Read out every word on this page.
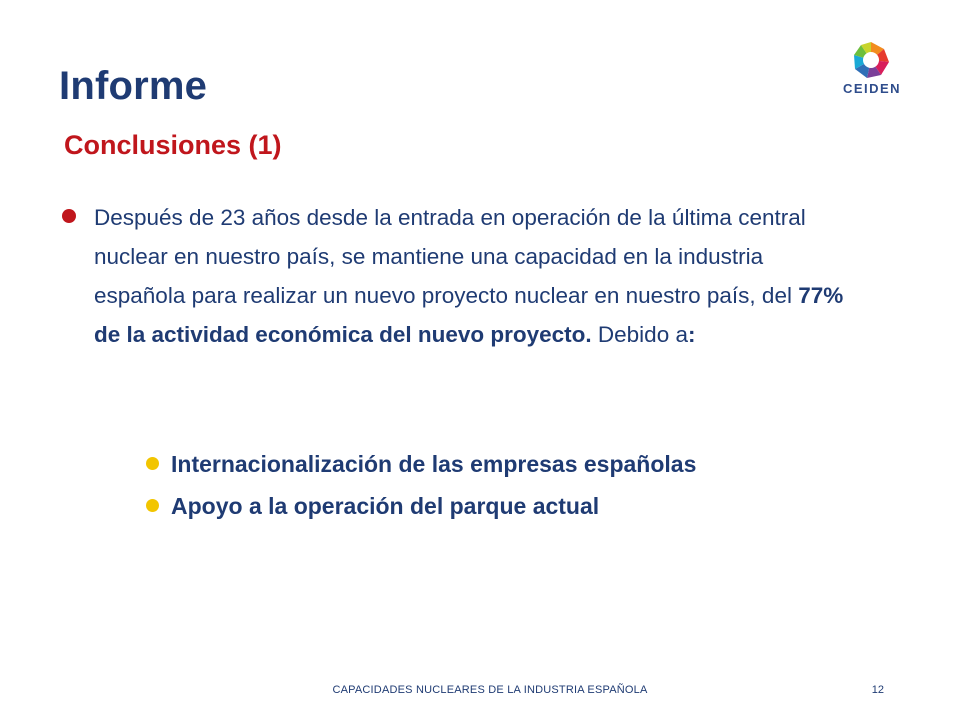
Informe
Conclusiones (1)
CEIDEN
Después de 23 años desde la entrada en operación de la última central nuclear en nuestro país, se mantiene una capacidad en la industria española para realizar un nuevo proyecto nuclear en nuestro país, del 77% de la actividad económica del nuevo proyecto. Debido a:
Internacionalización de las empresas españolas
Apoyo a la operación del parque actual
CAPACIDADES NUCLEARES DE LA INDUSTRIA ESPAÑOLA	12
